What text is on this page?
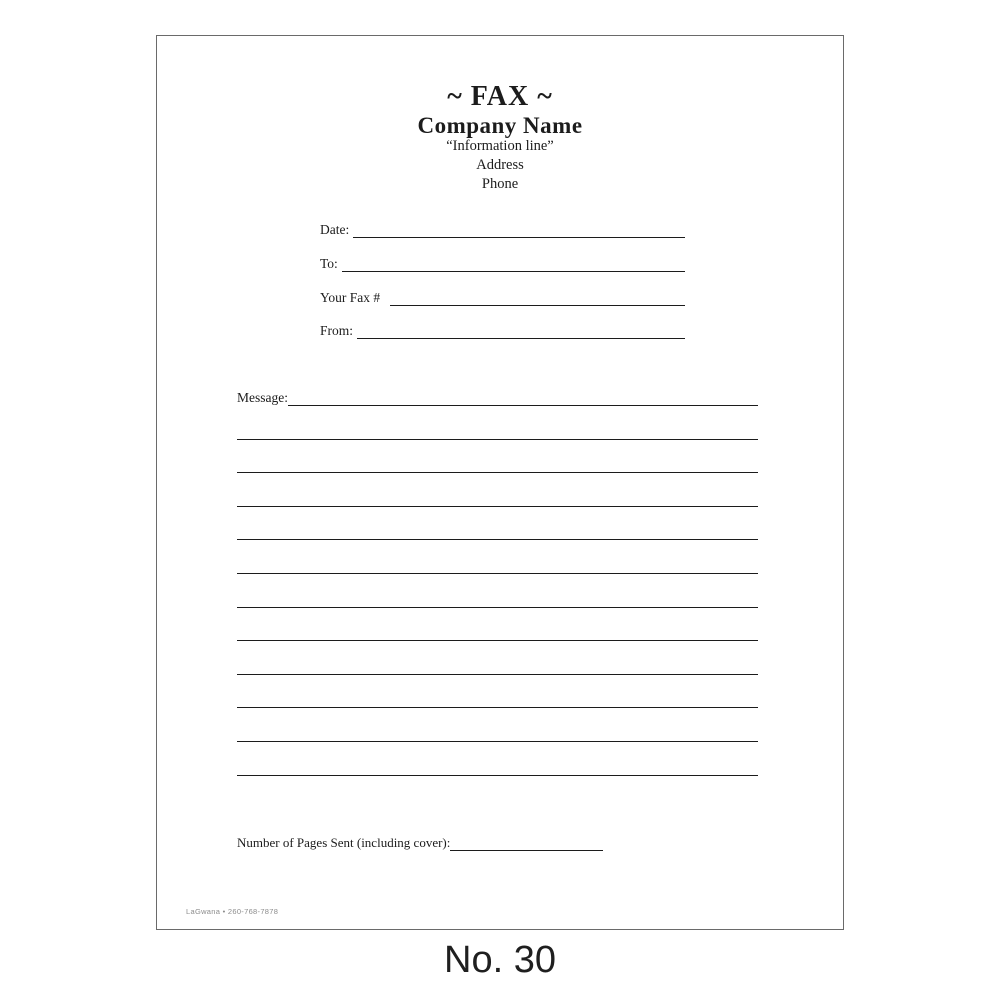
~ FAX ~
Company Name
“Information line”
Address
Phone
Date:
To:
Your Fax #
From:
Message:
Number of Pages Sent (including cover):
LaGwana • 260-768-7878
No. 30
